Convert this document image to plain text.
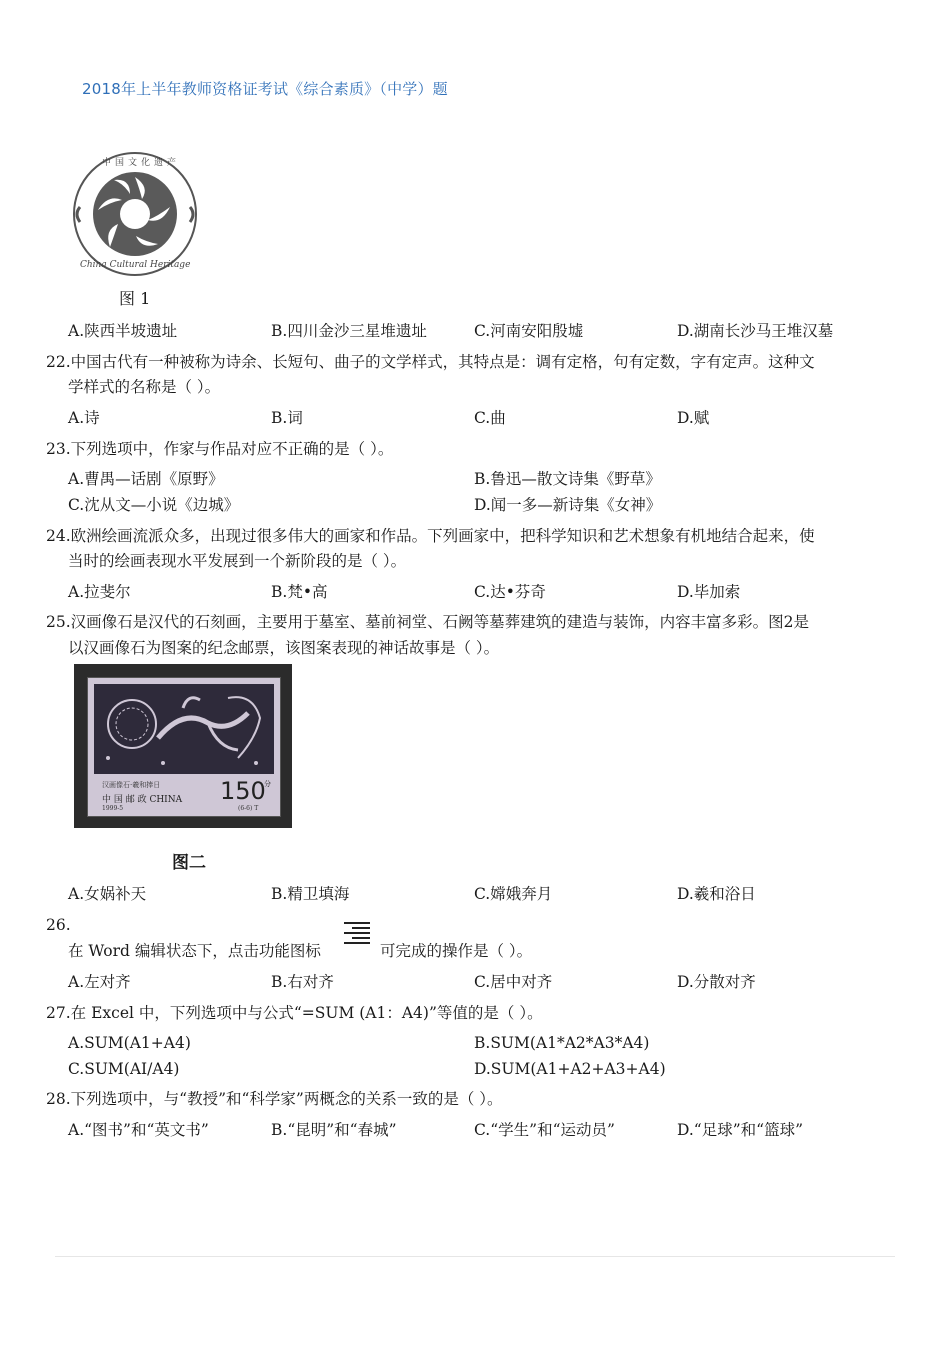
2018年上半年教师资格证考试《综合素质》（中学）题
中国文化遗产
China Cultural Heritage
图 1
A.陕西半坡遗址	B.四川金沙三星堆遗址	C.河南安阳殷墟	D.湖南长沙马王堆汉墓
22.中国古代有一种被称为诗余、长短句、曲子的文学样式，其特点是：调有定格，句有定数，字有定声。这种文
学样式的名称是（ ）。
A.诗	B.词	C.曲	D.赋
23.下列选项中，作家与作品对应不正确的是（ ）。
A.曹禺—话剧《原野》	B.鲁迅—散文诗集《野草》
C.沈从文—小说《边城》	D.闻一多—新诗集《女神》
24.欧洲绘画流派众多，出现过很多伟大的画家和作品。下列画家中，把科学知识和艺术想象有机地结合起来，使
当时的绘画表现水平发展到一个新阶段的是（ ）。
A.拉斐尔	B.梵•高	C.达•芬奇	D.毕加索
25.汉画像石是汉代的石刻画，主要用于墓室、墓前祠堂、石阙等墓葬建筑的建造与装饰，内容丰富多彩。图2是
以汉画像石为图案的纪念邮票，该图案表现的神话故事是（ ）。
汉画像石·羲和捧日
中 国 邮 政 CHINA 150
分
1999-5	(6-6) T
图二
A.女娲补天	B.精卫填海	C.嫦娥奔月	D.羲和浴日
26.
在 Word 编辑状态下，点击功能图标	可完成的操作是（ ）。
A.左对齐	B.右对齐	C.居中对齐	D.分散对齐
27.在 Excel 中，下列选项中与公式“=SUM (A1：A4)”等值的是（ ）。
A.SUM(A1+A4)	B.SUM(A1*A2*A3*A4)
C.SUM(AI/A4)	D.SUM(A1+A2+A3+A4)
28.下列选项中，与“教授”和“科学家”两概念的关系一致的是（ ）。
A.“图书”和“英文书”	B.“昆明”和“春城”	C.“学生”和“运动员”	D.“足球”和“篮球”
